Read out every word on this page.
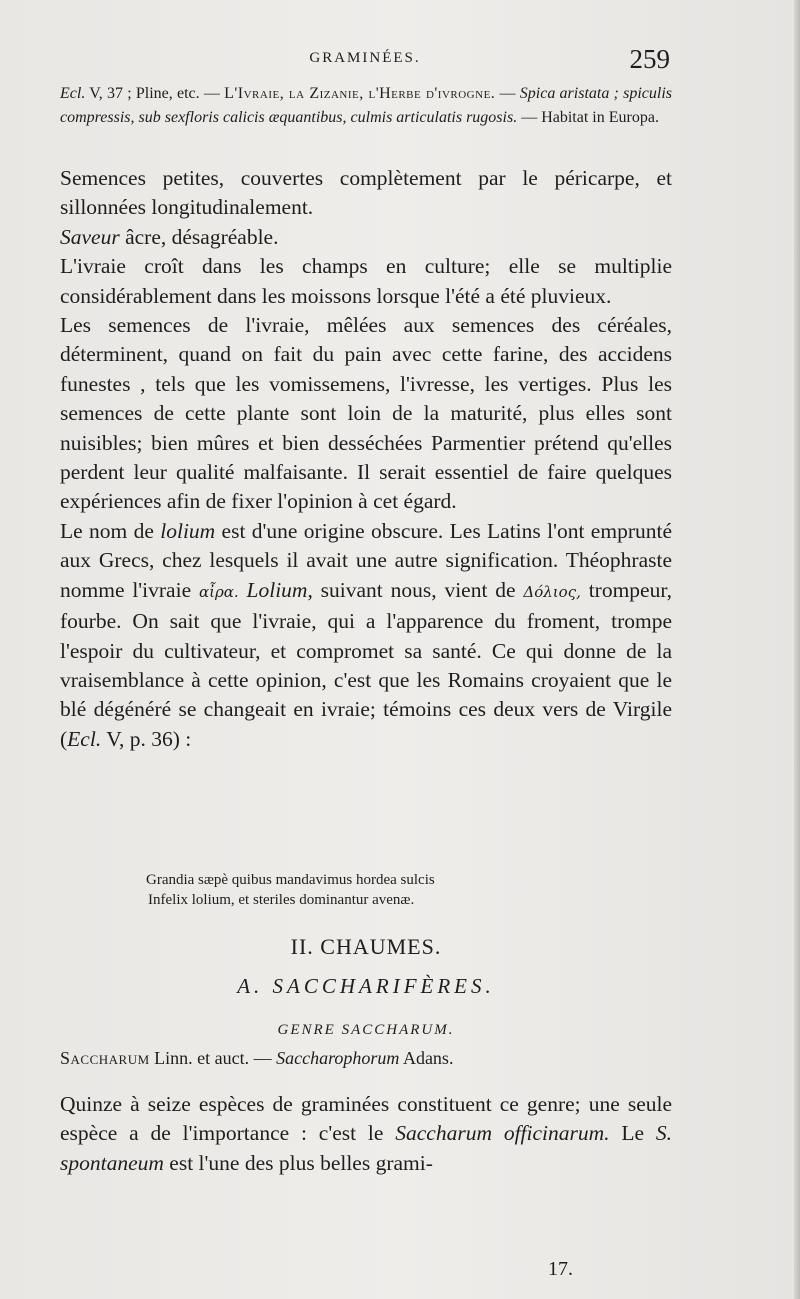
GRAMINÉES.	259
Ecl. V, 37 ; Pline, etc. — L'Ivraie, la Zizanie, l'Herbe d'ivrogne. — Spica aristata ; spiculis compressis, sub sexfloris calicis æquantibus, culmis articulatis rugosis. — Habitat in Europa.

Semences petites, couvertes complètement par le péricarpe, et sillonnées longitudinalement.

Saveur âcre, désagréable.

L'ivraie croît dans les champs en culture; elle se multiplie considérablement dans les moissons lorsque l'été a été pluvieux.

Les semences de l'ivraie, mêlées aux semences des céréales, déterminent, quand on fait du pain avec cette farine, des accidens funestes , tels que les vomissemens, l'ivresse, les vertiges. Plus les semences de cette plante sont loin de la maturité, plus elles sont nuisibles; bien mûres et bien desséchées Parmentier prétend qu'elles perdent leur qualité malfaisante. Il serait essentiel de faire quelques expériences afin de fixer l'opinion à cet égard.

Le nom de lolium est d'une origine obscure. Les Latins l'ont emprunté aux Grecs, chez lesquels il avait une autre signification. Théophraste nomme l'ivraie αἶρα. Lolium, suivant nous, vient de Δόλιος, trompeur, fourbe. On sait que l'ivraie, qui a l'apparence du froment, trompe l'espoir du cultivateur, et compromet sa santé. Ce qui donne de la vraisemblance à cette opinion, c'est que les Romains croyaient que le blé dégénéré se changeait en ivraie; témoins ces deux vers de Virgile (Ecl. V, p. 36) :

Grandia sæpè quibus mandavimus hordea sulcis
Infelix lolium, et steriles dominantur avenæ.
II. CHAUMES.
A. SACCHARIFÈRES.
GENRE SACCHARUM.
Saccharum Linn. et auct. — Saccharophorum Adans.
Quinze à seize espèces de graminées constituent ce genre; une seule espèce a de l'importance : c'est le Saccharum officinarum. Le S. spontaneum est l'une des plus belles grami-
17.
